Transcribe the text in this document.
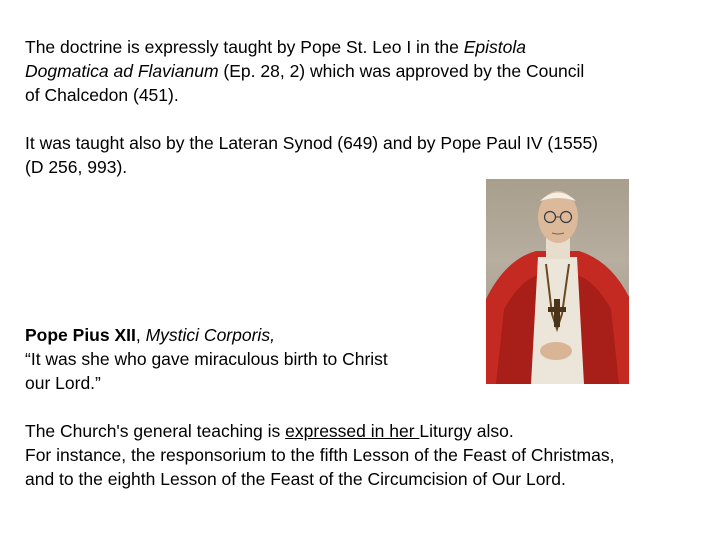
The doctrine is expressly taught by Pope St. Leo I in the Epistola
Dogmatica ad Flavianum (Ep. 28, 2) which was approved by the Council
of Chalcedon (451).
It was taught also by the Lateran Synod (649) and by Pope Paul IV (1555)
(D 256, 993).
Pope Pius XII, Mystici Corporis,
“It was she who gave miraculous birth to Christ
our Lord.”
The Church's general teaching is expressed in her Liturgy also.
For instance, the responsorium to the fifth Lesson of the Feast of Christmas,
and to the eighth Lesson of the Feast of the Circumcision of Our Lord.
